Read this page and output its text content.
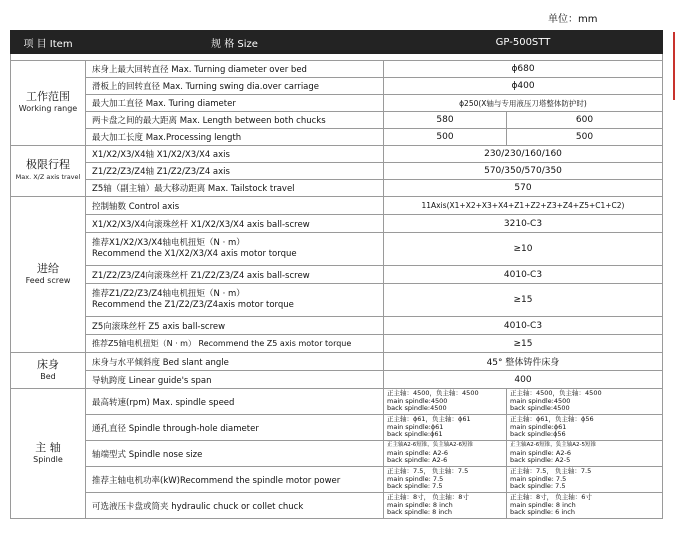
单位：mm
项 目 Item	规 格 Size	GP-500STT	

工作范围
Working range	床身上最大回转直径 Max. Turning diameter over bed	ϕ680	
	滑板上的回转直径 Max. Turning swing dia.over carriage	ϕ400	
	最大加工直径 Max. Turing diameter	ϕ250(X轴与专用液压刀塔整体防护时)	
	两卡盘之间的最大距离 Max. Length between both chucks	580	600
	最大加工长度 Max.Processing length	500	500

极限行程
Max. X/Z axis travel	X1/X2/X3/X4轴 X1/X2/X3/X4 axis	230/230/160/160	
	Z1/Z2/Z3/Z4轴 Z1/Z2/Z3/Z4 axis	570/350/570/350	
	Z5轴（副主轴）最大移动距离 Max. Tailstock travel	570	

进给
Feed screw	控制轴数 Control axis	11Axis(X1+X2+X3+X4+Z1+Z2+Z3+Z4+Z5+C1+C2)	
	X1/X2/X3/X4向滚珠丝杆 X1/X2/X3/X4 axis ball-screw	3210-C3	

	推荐X1/X2/X3/X4轴电机扭矩（N · m）
Recommend the X1/X2/X3/X4 axis motor torque	≥10	
	Z1/Z2/Z3/Z4向滚珠丝杆 Z1/Z2/Z3/Z4 axis ball-screw	4010-C3	

	推荐Z1/Z2/Z3/Z4轴电机扭矩（N · m）
Recommend the Z1/Z2/Z3/Z4axis motor torque	≥15	
	Z5向滚珠丝杆 Z5 axis ball-screw	4010-C3	
	推荐Z5轴电机扭矩（N · m） Recommend the Z5 axis motor torque	≥15	

床身
Bed	床身与水平倾斜度 Bed slant angle	45° 整体铸件床身	
	导轨跨度 Linear guide's span	400	

主 轴
Spindle	最高转速(rpm) Max. spindle speed	正主轴：4500，负主轴：4500
main spindle:4500
back spindle:4500	正主轴：4500，负主轴：4500
main spindle:4500
back spindle:4500

	通孔直径 Spindle through-hole diameter	正主轴：ϕ61，负主轴：ϕ61
main spindle:ϕ61
back spindle:ϕ61	正主轴：ϕ61，负主轴：ϕ56
main spindle:ϕ61
back spindle:ϕ56

	轴端型式 Spindle nose size	正主轴A2-6短锥，负主轴A2-6短锥
main spindle: A2-6
back spindle: A2-6	正主轴A2-6短锥，负主轴A2-5短锥
main spindle: A2-6
back spindle: A2-5

	推荐主轴电机功率(kW)Recommend the spindle motor power	正主轴：7.5， 负主轴：7.5
main spindle: 7.5
back spindle: 7.5	正主轴：7.5， 负主轴：7.5
main spindle: 7.5
back spindle: 7.5

	可选液压卡盘或筒夹 hydraulic chuck or collet chuck	正主轴：8寸， 负主轴：8寸
main spindle: 8 inch
back spindle: 8 inch	正主轴：8寸， 负主轴：6寸
main spindle: 8 inch
back spindle: 6 inch
